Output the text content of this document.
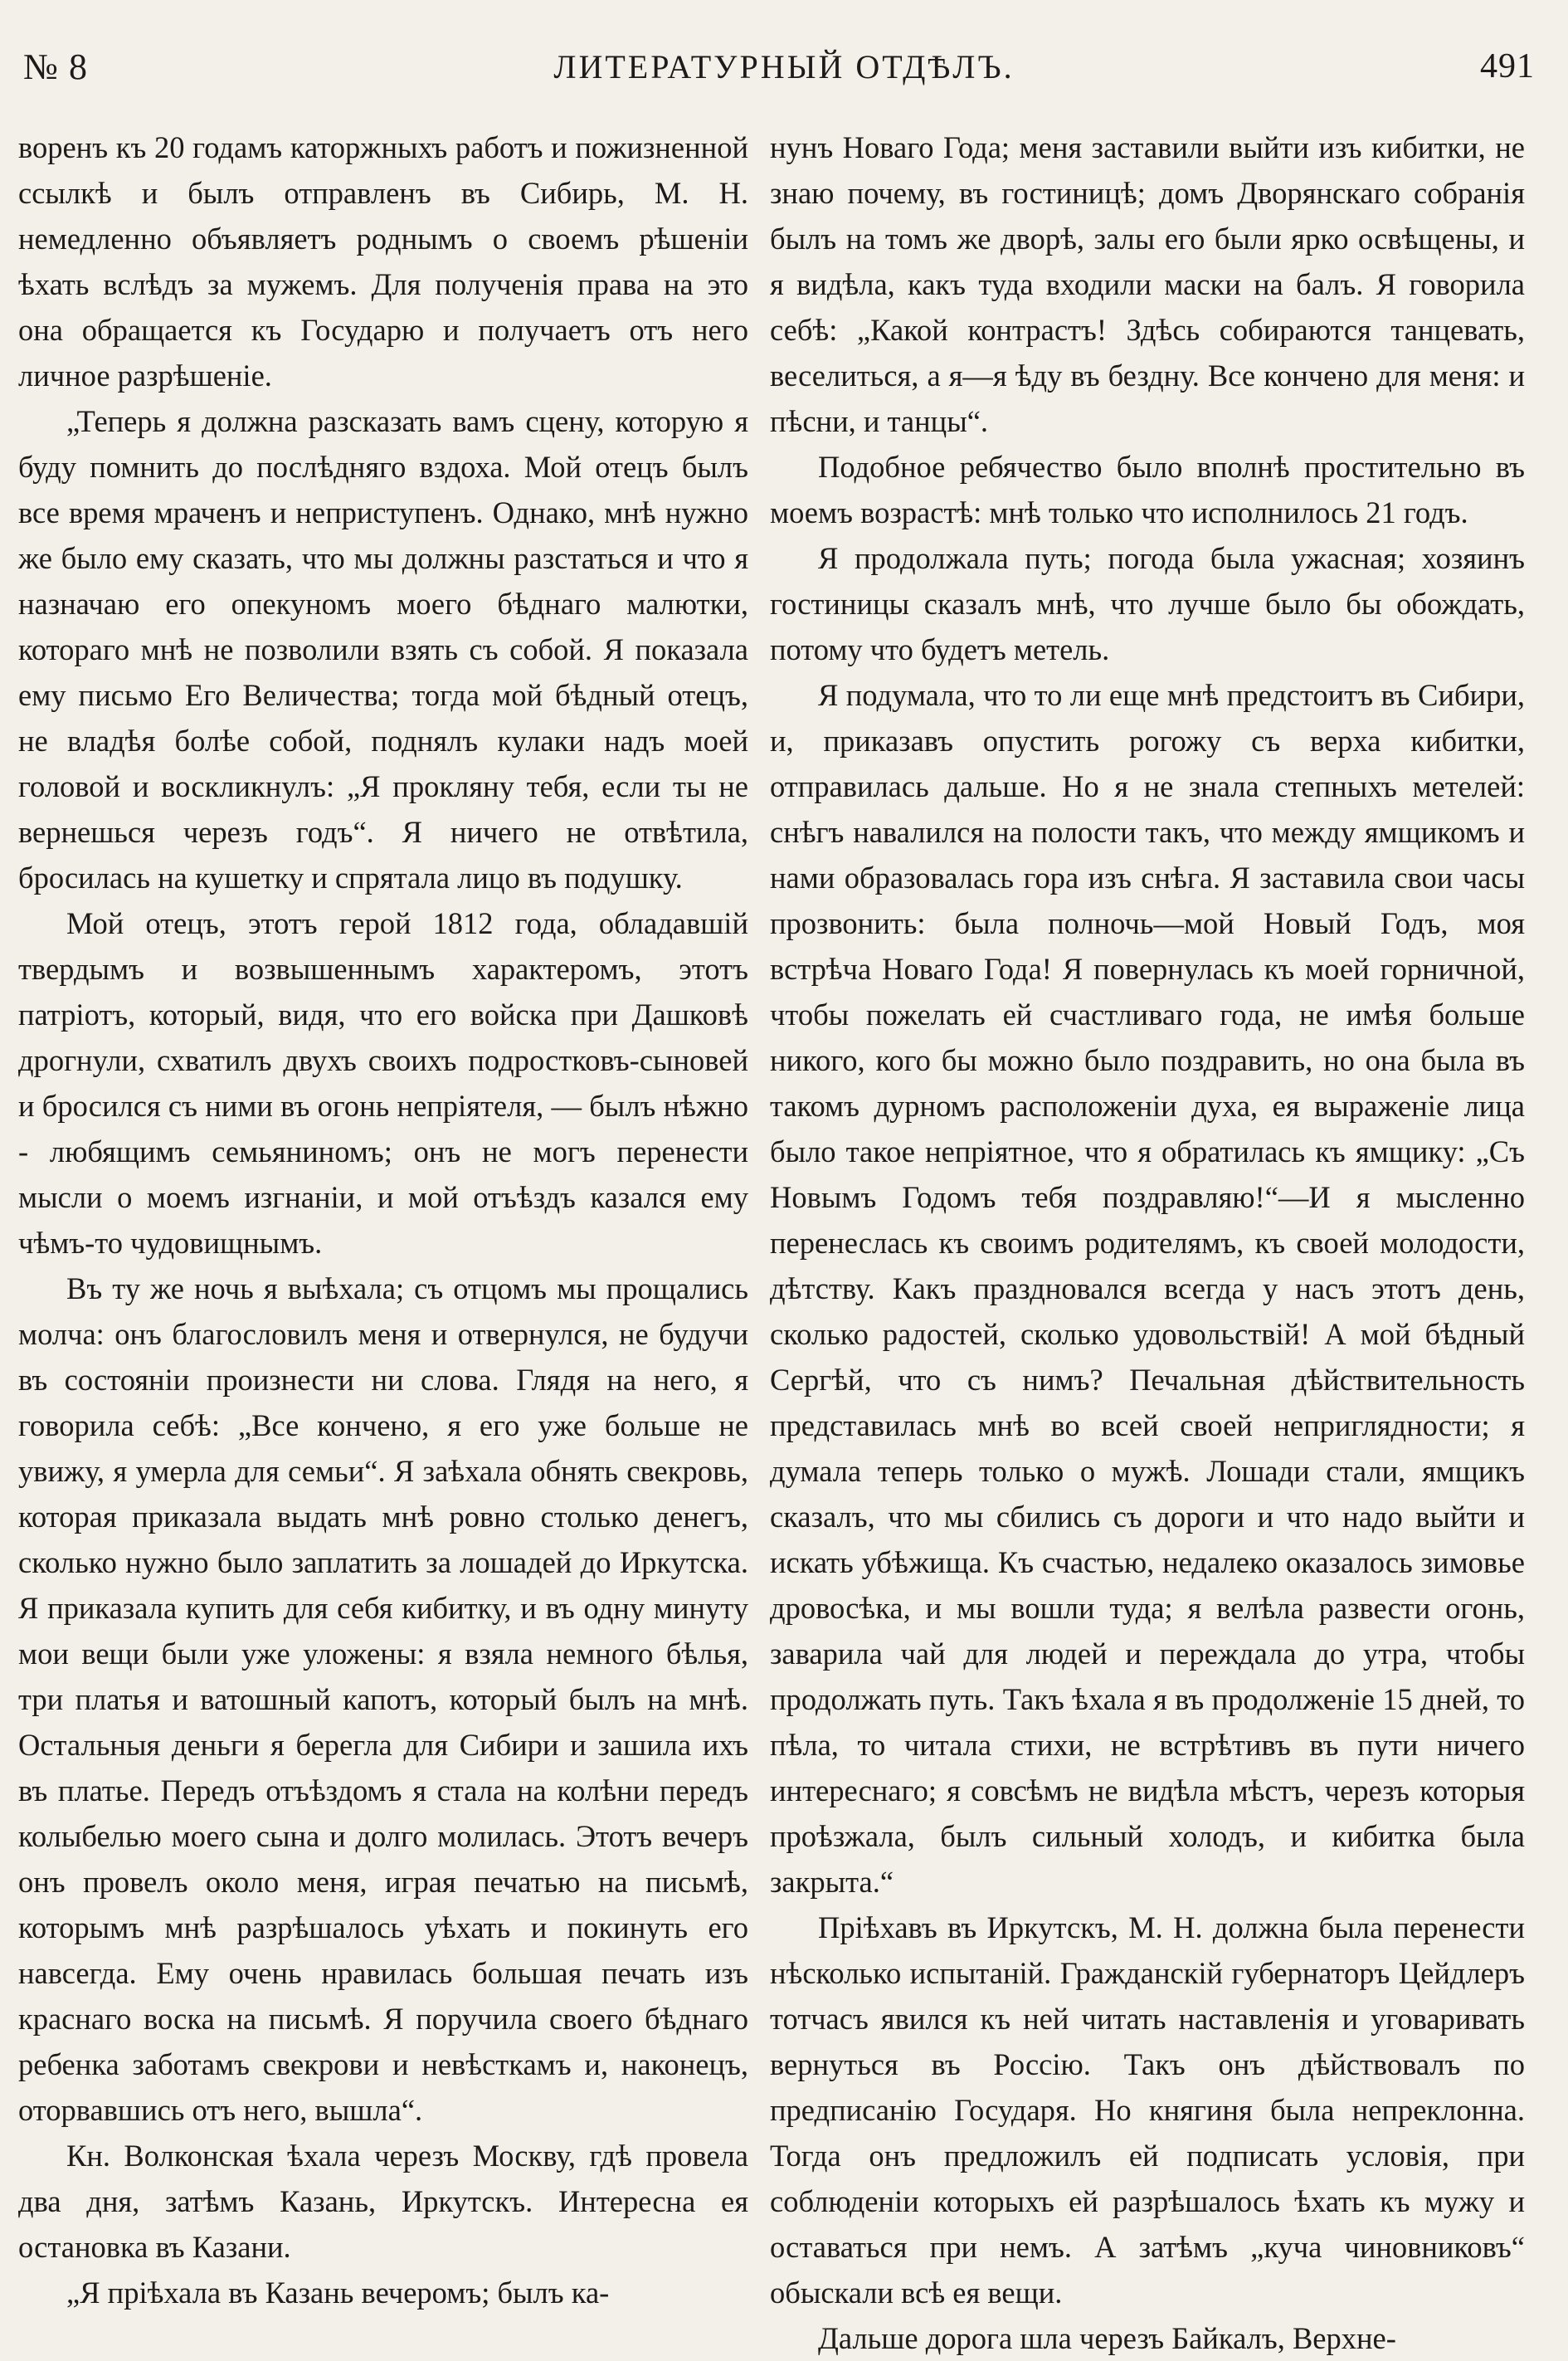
№ 8	ЛИТЕРАТУРНЫЙ ОТДѢЛЪ.	491

воренъ къ 20 годамъ каторжныхъ работъ и пожизненной ссылкѣ и былъ отправленъ въ Сибирь, М. Н. немедленно объявляетъ роднымъ о своемъ рѣшеніи ѣхать вслѣдъ за мужемъ. Для полученія права на это она обращается къ Государю и получаетъ отъ него личное разрѣшеніе.

„Теперь я должна разсказать вамъ сцену, которую я буду помнить до послѣдняго вздоха. Мой отецъ былъ все время мраченъ и неприступенъ. Однако, мнѣ нужно же было ему сказать, что мы должны разстаться и что я назначаю его опекуномъ моего бѣднаго малютки, котораго мнѣ не позволили взять съ собой. Я показала ему письмо Его Величества; тогда мой бѣдный отецъ, не владѣя болѣе собой, поднялъ кулаки надъ моей головой и воскликнулъ: „Я прокляну тебя, если ты не вернешься черезъ годъ“. Я ничего не отвѣтила, бросилась на кушетку и спрятала лицо въ подушку.

Мой отецъ, этотъ герой 1812 года, обладавшій твердымъ и возвышеннымъ характеромъ, этотъ патріотъ, который, видя, что его войска при Дашковѣ дрогнули, схватилъ двухъ своихъ подростковъ-сыновей и бросился съ ними въ огонь непріятеля, — былъ нѣжно - любящимъ семьяниномъ; онъ не могъ перенести мысли о моемъ изгнаніи, и мой отъѣздъ казался ему чѣмъ-то чудовищнымъ.

Въ ту же ночь я выѣхала; съ отцомъ мы прощались молча: онъ благословилъ меня и отвернулся, не будучи въ состояніи произнести ни слова. Глядя на него, я говорила себѣ: „Все кончено, я его уже больше не увижу, я умерла для семьи“. Я заѣхала обнять свекровь, которая приказала выдать мнѣ ровно столько денегъ, сколько нужно было заплатить за лошадей до Иркутска. Я приказала купить для себя кибитку, и въ одну минуту мои вещи были уже уложены: я взяла немного бѣлья, три платья и ватошный капотъ, который былъ на мнѣ. Остальныя деньги я берегла для Сибири и зашила ихъ въ платье. Передъ отъѣздомъ я стала на колѣни передъ колыбелью моего сына и долго молилась. Этотъ вечеръ онъ провелъ около меня, играя печатью на письмѣ, которымъ мнѣ разрѣшалось уѣхать и покинуть его навсегда. Ему очень нравилась большая печать изъ краснаго воска на письмѣ. Я поручила своего бѣднаго ребенка заботамъ свекрови и невѣсткамъ и, наконецъ, оторвавшись отъ него, вышла“.

Кн. Волконская ѣхала черезъ Москву, гдѣ провела два дня, затѣмъ Казань, Иркутскъ. Интересна ея остановка въ Казани.

„Я пріѣхала въ Казань вечеромъ; былъ ка-

нунъ Новаго Года; меня заставили выйти изъ кибитки, не знаю почему, въ гостиницѣ; домъ Дворянскаго собранія былъ на томъ же дворѣ, залы его были ярко освѣщены, и я видѣла, какъ туда входили маски на балъ. Я говорила себѣ: „Какой контрастъ! Здѣсь собираются танцевать, веселиться, а я—я ѣду въ бездну. Все кончено для меня: и пѣсни, и танцы“.

Подобное ребячество было вполнѣ простительно въ моемъ возрастѣ: мнѣ только что исполнилось 21 годъ.

Я продолжала путь; погода была ужасная; хозяинъ гостиницы сказалъ мнѣ, что лучше было бы обождать, потому что будетъ метель.

Я подумала, что то ли еще мнѣ предстоитъ въ Сибири, и, приказавъ опустить рогожу съ верха кибитки, отправилась дальше. Но я не знала степныхъ метелей: снѣгъ навалился на полости такъ, что между ямщикомъ и нами образовалась гора изъ снѣга. Я заставила свои часы прозвонить: была полночь—мой Новый Годъ, моя встрѣча Новаго Года! Я повернулась къ моей горничной, чтобы пожелать ей счастливаго года, не имѣя больше никого, кого бы можно было поздравить, но она была въ такомъ дурномъ расположеніи духа, ея выраженіе лица было такое непріятное, что я обратилась къ ямщику: „Съ Новымъ Годомъ тебя поздравляю!“—И я мысленно перенеслась къ своимъ родителямъ, къ своей молодости, дѣтству. Какъ праздновался всегда у насъ этотъ день, сколько радостей, сколько удовольствій! А мой бѣдный Сергѣй, что съ нимъ? Печальная дѣйствительность представилась мнѣ во всей своей неприглядности; я думала теперь только о мужѣ. Лошади стали, ямщикъ сказалъ, что мы сбились съ дороги и что надо выйти и искать убѣжища. Къ счастью, недалеко оказалось зимовье дровосѣка, и мы вошли туда; я велѣла развести огонь, заварила чай для людей и переждала до утра, чтобы продолжать путь. Такъ ѣхала я въ продолженіе 15 дней, то пѣла, то читала стихи, не встрѣтивъ въ пути ничего интереснаго; я совсѣмъ не видѣла мѣстъ, черезъ которыя проѣзжала, былъ сильный холодъ, и кибитка была закрыта.“

Пріѣхавъ въ Иркутскъ, М. Н. должна была перенести нѣсколько испытаній. Гражданскій губернаторъ Цейдлеръ тотчасъ явился къ ней читать наставленія и уговаривать вернуться въ Россію. Такъ онъ дѣйствовалъ по предписанію Государя. Но княгиня была непреклонна. Тогда онъ предложилъ ей подписать условія, при соблюденіи которыхъ ей разрѣшалось ѣхать къ мужу и оставаться при немъ. А затѣмъ „куча чиновниковъ“ обыскали всѣ ея вещи.

Дальше дорога шла черезъ Байкалъ, Верхне-
